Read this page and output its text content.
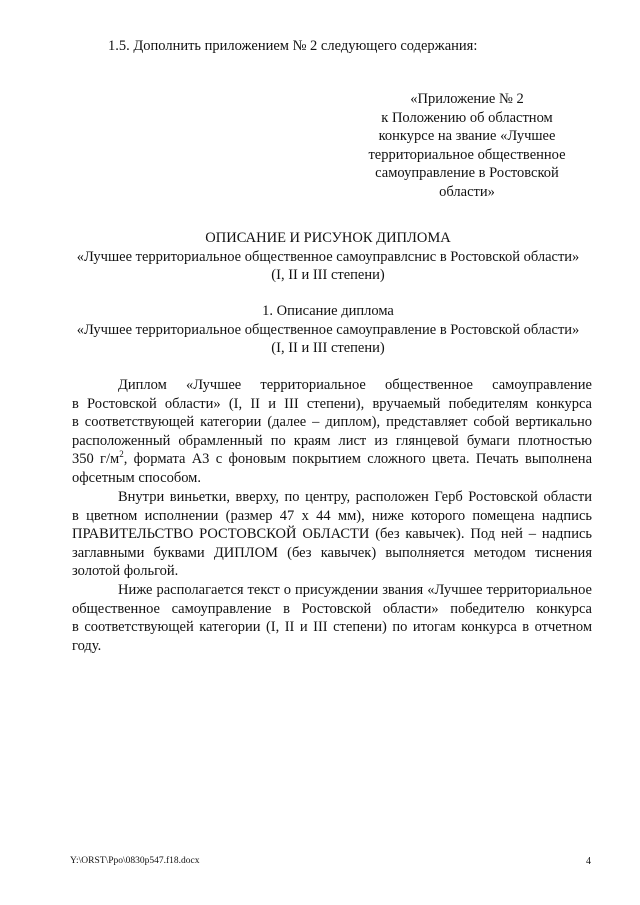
1.5. Дополнить приложением № 2 следующего содержания:
«Приложение № 2
к Положению об областном
конкурсе на звание «Лучшее
территориальное общественное
самоуправление в Ростовской
области»
ОПИСАНИЕ И РИСУНОК ДИПЛОМА
«Лучшее территориальное общественное самоуправлснис в Ростовской области»
(I, II и III степени)
1. Описание диплома
«Лучшее территориальное общественное самоуправление в Ростовской области»
(I, II и III степени)
Диплом «Лучшее территориальное общественное самоуправление
в Ростовской области» (I, II и III степени), вручаемый победителям конкурса
в соответствующей категории (далее – диплом), представляет собой вертикально
расположенный обрамленный по краям лист из глянцевой бумаги плотностью
350 $г/м^2$, формата А3 с фоновым покрытием сложного цвета. Печать выполнена
офсетным способом.
Внутри виньетки, вверху, по центру, расположен Герб Ростовской области
в цветном исполнении (размер 47 х 44 мм), ниже которого помещена надпись
ПРАВИТЕЛЬСТВО РОСТОВСКОЙ ОБЛАСТИ (без кавычек). Под ней – надпись
заглавными буквами ДИПЛОМ (без кавычек) выполняется методом тиснения
золотой фольгой.
Ниже располагается текст о присуждении звания «Лучшее территориальное
общественное самоуправление в Ростовской области» победителю конкурса
в соответствующей категории (I, II и III степени) по итогам конкурса в отчетном
году.
Y:\ORST\Ppo\0830p547.f18.docx	4
